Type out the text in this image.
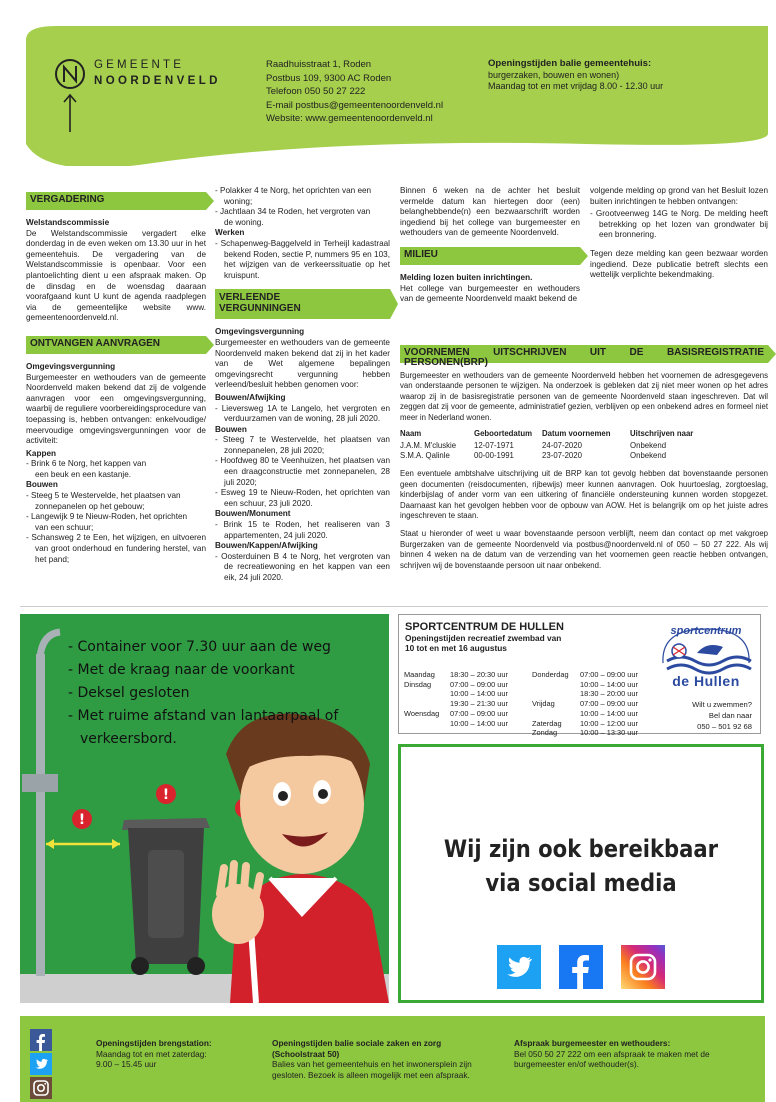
GEMEENTE
NOORDENVELD
Raadhuisstraat 1, Roden
Postbus 109, 9300 AC Roden
Telefoon 050 50 27 222
E-mail postbus@gemeentenoordenveld.nl
Website: www.gemeentenoordenveld.nl
Openingstijden balie gemeentehuis:
burgerzaken, bouwen en wonen)
Maandag tot en met vrijdag 8.00 - 12.30 uur
VERGADERING
Welstandscommissie

De Welstandscommissie vergadert elke donderdag in de even weken om 13.30 uur in het gemeentehuis. De vergadering van de Welstandscommissie is openbaar. Voor een plantoelichting dient u een afspraak maken. Op de dinsdag en de woensdag daaraan voorafgaand kunt U kunt de agenda raadplegen via de gemeentelijke website www. gemeentenoordenveld.nl.

ONTVANGEN AANVRAGEN
Omgevingsvergunning

Burgemeester en wethouders van de gemeente Noordenveld maken bekend dat zij de volgende aanvragen voor een omgevingsvergunning, waarbij de reguliere voorbereidingsprocedure van toepassing is, hebben ontvangen: enkelvoudige/ meervoudige omgevingsvergunningen voor de activiteit:

Kappen
- Brink 6 te Norg, het kappen van
een beuk en een kastanje.
Bouwen
- Steeg 5 te Westervelde, het plaatsen van
zonnepanelen op het gebouw;
- Langewijk 9 te Nieuw-Roden, het oprichten
van een schuur;
- Schansweg 2 te Een, het wijzigen, en uitvoeren van groot onderhoud en fundering herstel, van het pand;
- Polakker 4 te Norg, het oprichten van een woning;
- Jachtlaan 34 te Roden, het vergroten van
de woning.
Werken
- Schapenweg-Baggelveld in Terheijl kadastraal bekend Roden, sectie P, nummers 95 en 103, het wijzigen van de verkeerssituatie op het kruispunt.
VERLEENDE
VERGUNNINGEN
Omgevingsvergunning

Burgemeester en wethouders van de gemeente Noordenveld maken bekend dat zij in het kader van de Wet algemene bepalingen omgevingsrecht vergunning hebben verleend/besluit hebben genomen voor:

Bouwen/Afwijking
- Lieversweg 1A te Langelo, het vergroten en verduurzamen van de woning, 28 juli 2020.
Bouwen
- Steeg 7 te Westervelde, het plaatsen van zonnepanelen, 28 juli 2020;
- Hoofdweg 80 te Veenhuizen, het plaatsen van een draagconstructie met zonnepanelen, 28 juli 2020;
- Esweg 19 te Nieuw-Roden, het oprichten van een schuur, 23 juli 2020.
Bouwen/Monument
- Brink 15 te Roden, het realiseren van 3 appartementen, 24 juli 2020.
Bouwen/Kappen/Afwijking
- Oosterduinen B 4 te Norg, het vergroten van de recreatiewoning en het kappen van een eik, 24 juli 2020.

Binnen 6 weken na de achter het besluit vermelde datum kan hiertegen door (een) belanghebbende(n) een bezwaarschrift worden ingediend bij het college van burgemeester en wethouders van de gemeente Noordenveld.

MILIEU
Melding lozen buiten inrichtingen.

Het college van burgemeester en wethouders van de gemeente Noordenveld maakt bekend de

volgende melding op grond van het Besluit lozen buiten inrichtingen te hebben ontvangen:

- Grootveenweg 14G te Norg. De melding heeft betrekking op het lozen van grondwater bij een bronnering.

Tegen deze melding kan geen bezwaar worden ingediend. Deze publicatie betreft slechts een wettelijk verplichte bekendmaking.

VOORNEMEN UITSCHRIJVEN UIT DE BASISREGISTRATIE PERSONEN(BRP)

Burgemeester en wethouders van de gemeente Noordenveld hebben het voornemen de adresgegevens van onderstaande personen te wijzigen. Na onderzoek is gebleken dat zij niet meer wonen op het adres waarop zij in de basisregistratie personen van de gemeente Noordenveld staan ingeschreven. Dat wil zeggen dat zij voor de gemeente, administratief gezien, verblijven op een onbekend adres en formeel niet meer in Nederland wonen.

Naam	Geboortedatum	Datum voornemen	Uitschrijven naar
J.A.M. M'cluskie	12-07-1971	24-07-2020	Onbekend
S.M.A. Qalinle	00-00-1991	23-07-2020	Onbekend

Een eventuele ambtshalve uitschrijving uit de BRP kan tot gevolg hebben dat bovenstaande personen geen documenten (reisdocumenten, rijbewijs) meer kunnen aanvragen. Ook huurtoeslag, zorgtoeslag, kinderbijslag of ander vorm van een uitkering of financiële ondersteuning kunnen worden stopgezet. Daarnaast kan het gevolgen hebben voor de opbouw van AOW. Het is belangrijk om op het juiste adres ingeschreven te staan.

Staat u hieronder of weet u waar bovenstaande persoon verblijft, neem dan contact op met vakgroep Burgerzaken van de gemeente Noordenveld via postbus@noordenveld.nl of 050 – 50 27 222. Als wij binnen 4 weken na de datum van de verzending van het voornemen geen reactie hebben ontvangen, schrijven wij de bovenstaande persoon uit naar onbekend.

!
!
- Container voor 7.30 uur aan de weg
- Met de kraag naar de voorkant
- Deksel gesloten
- Met ruime afstand van lantaarpaal of
verkeersbord.
SPORTCENTRUM DE HULLEN
Openingstijden recreatief zwembad van
10 tot en met 16 augustus
Maandag 18:30 – 20:30 uur
Dinsdag	07:00 – 09:00 uur
10:00 – 14:00 uur
19:30 – 21:30 uur
Woensdag 07:00 – 09:00 uur
10:00 – 14:00 uur
Donderdag 07:00 – 09:00 uur
10:00 – 14:00 uur
18:30 – 20:00 uur
Vrijdag	07:00 – 09:00 uur
10:00 – 14:00 uur
Zaterdag 10:00 – 12:00 uur
Zondag	10:00 – 13:30 uur
sportcentrum
de Hullen
Wilt u zwemmen?
Bel dan naar
050 – 501 92 68
Wij zijn ook bereikbaar
via social media
Openingstijden brengstation:
Maandag tot en met zaterdag:
9.00 – 15.45 uur
Openingstijden balie sociale zaken en zorg
(Schoolstraat 50)
Balies van het gemeentehuis en het inwonersplein zijn gesloten. Bezoek is alleen mogelijk met een afspraak.
Afspraak burgemeester en wethouders:
Bel 050 50 27 222 om een afspraak te maken met de burgemeester en/of wethouder(s).
